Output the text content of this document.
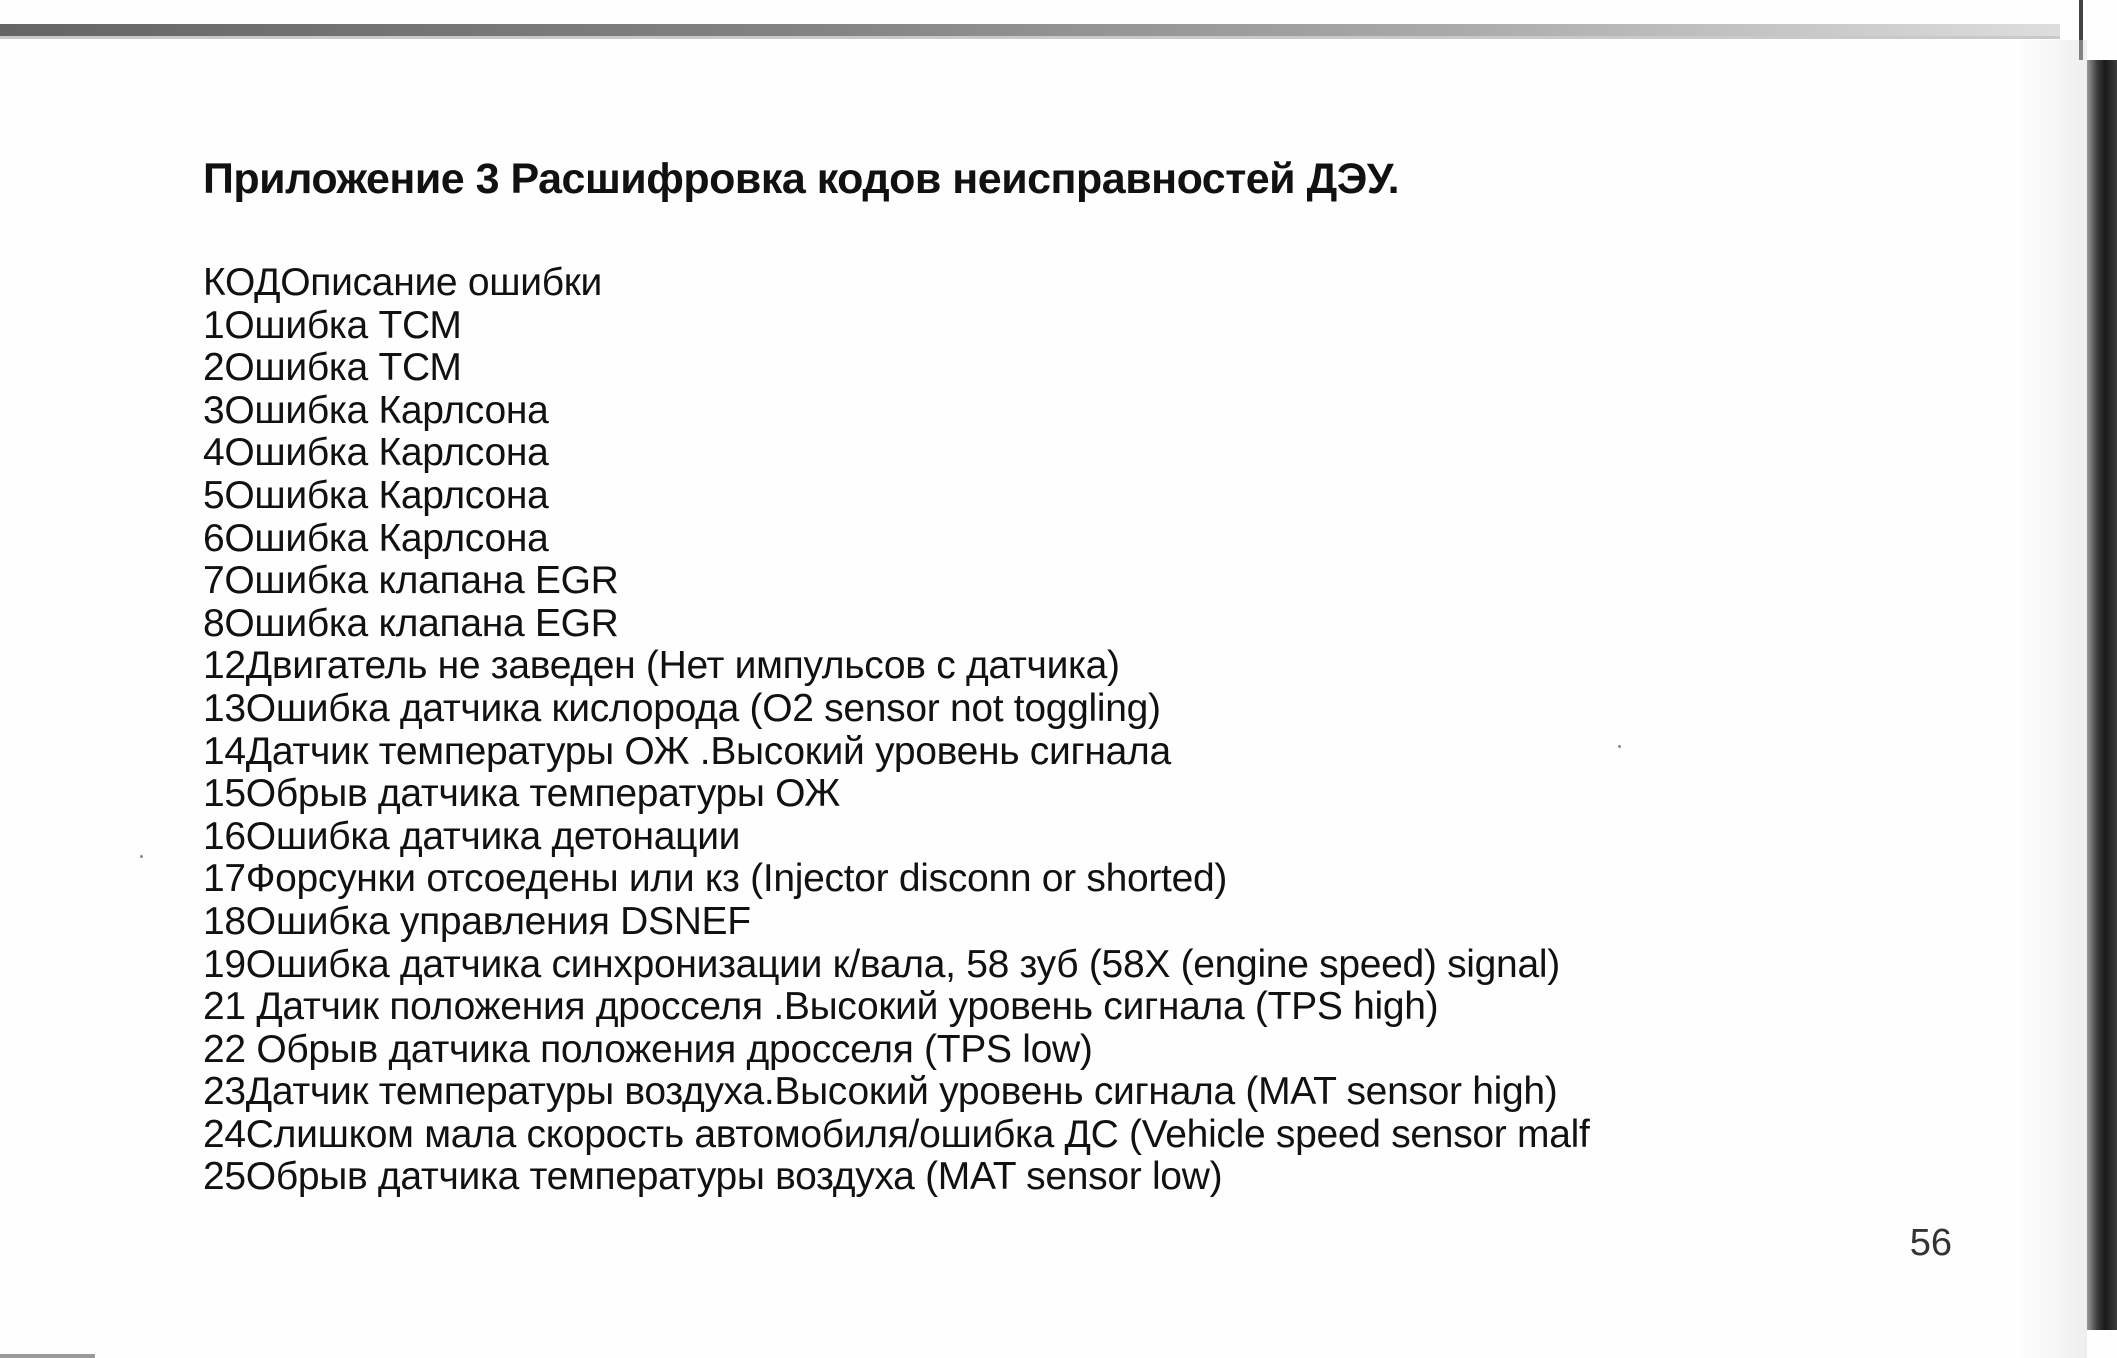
Приложение 3 Расшифровка кодов неисправностей ДЭУ.
КОДОписание ошибки
1Ошибка ТСМ
2Ошибка ТСМ
3Ошибка Карлсона
4Ошибка Карлсона
5Ошибка Карлсона
6Ошибка Карлсона
7Ошибка клапана EGR
8Ошибка клапана EGR
12Двигатель не заведен (Нет импульсов с датчика)
13Ошибка датчика кислорода (O2 sensor not toggling)
14Датчик температуры ОЖ .Высокий уровень сигнала
15Обрыв датчика температуры ОЖ
16Ошибка датчика детонации
17Форсунки отсоедены или кз (Injector disconn or shorted)
18Ошибка управления DSNEF
19Ошибка датчика синхронизации к/вала, 58 зуб (58X (engine speed) signal)
21 Датчик положения дросселя .Высокий уровень сигнала (TPS high)
22 Обрыв датчика положения дросселя (TPS low)
23Датчик температуры воздуха.Высокий уровень сигнала (MAT sensor high)
24Слишком мала скорость автомобиля/ошибка ДС (Vehicle speed sensor malf
25Обрыв датчика температуры воздуха (MAT sensor low)
56
